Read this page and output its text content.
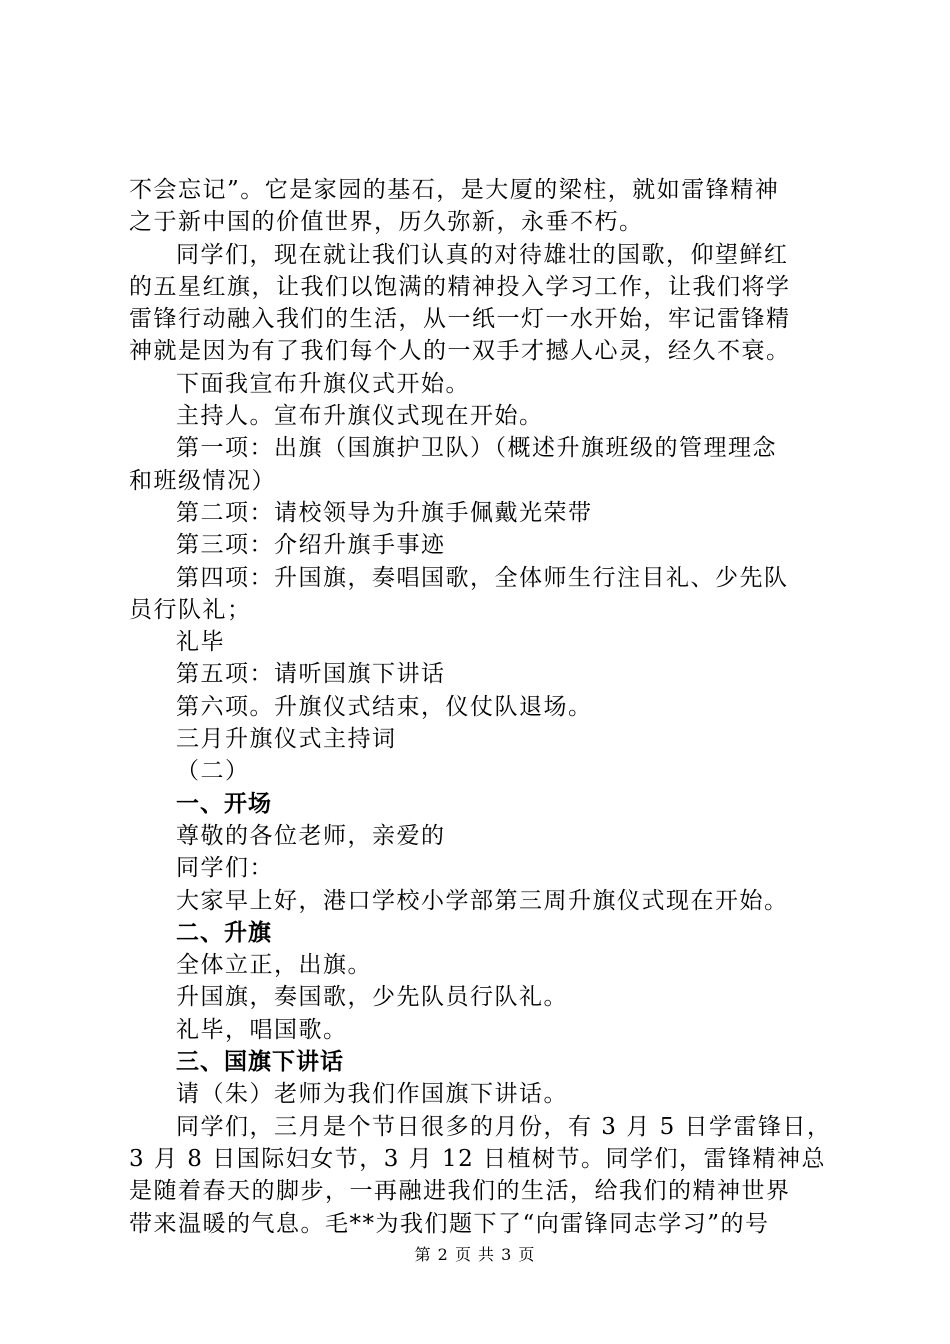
不会忘记”。它是家园的基石，是大厦的梁柱，就如雷锋精神
之于新中国的价值世界，历久弥新，永垂不朽。
同学们，现在就让我们认真的对待雄壮的国歌，仰望鲜红
的五星红旗，让我们以饱满的精神投入学习工作，让我们将学
雷锋行动融入我们的生活，从一纸一灯一水开始，牢记雷锋精
神就是因为有了我们每个人的一双手才撼人心灵，经久不衰。
下面我宣布升旗仪式开始。
主持人。宣布升旗仪式现在开始。
第一项：出旗（国旗护卫队）（概述升旗班级的管理理念
和班级情况）
第二项：请校领导为升旗手佩戴光荣带
第三项：介绍升旗手事迹
第四项：升国旗，奏唱国歌，全体师生行注目礼、少先队
员行队礼；
礼毕
第五项：请听国旗下讲话
第六项。升旗仪式结束，仪仗队退场。
三月升旗仪式主持词
（二）
一、开场
尊敬的各位老师，亲爱的
同学们：
大家早上好，港口学校小学部第三周升旗仪式现在开始。
二、升旗
全体立正，出旗。
升国旗，奏国歌，少先队员行队礼。
礼毕，唱国歌。
三、国旗下讲话
请（朱）老师为我们作国旗下讲话。
同学们，三月是个节日很多的月份，有 3 月 5 日学雷锋日，
3 月 8 日国际妇女节，3 月 12 日植树节。同学们，雷锋精神总
是随着春天的脚步，一再融进我们的生活，给我们的精神世界
带来温暖的气息。毛**为我们题下了“向雷锋同志学习”的号
第 2 页 共 3 页
